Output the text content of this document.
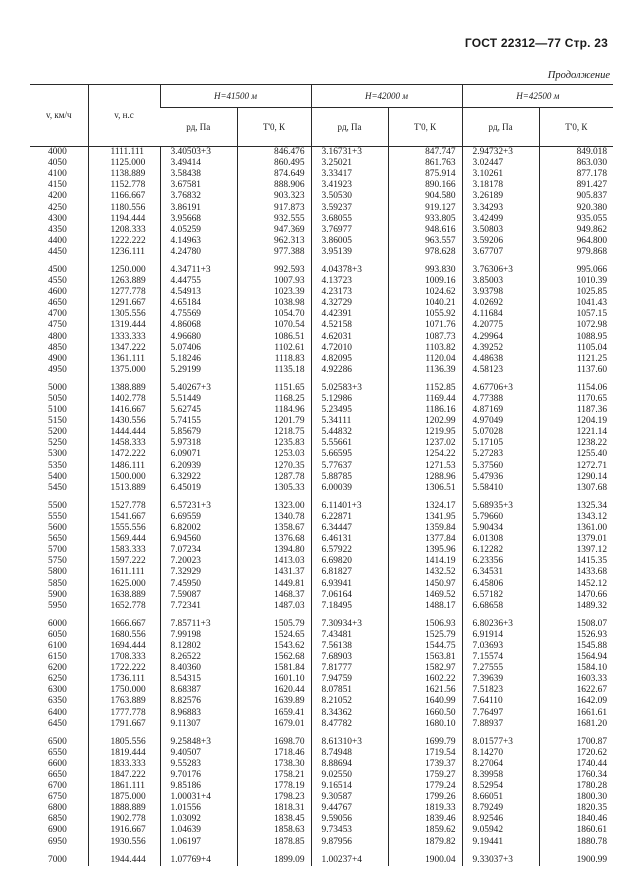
ГОСТ 22312—77 Стр. 23
Продолжение
v, км/ч	v, н.с	H=41500 м		H=42000 м		H=42500 м	
		pд, Па	T'0, К	pд, Па	T'0, К	pд, Па	T'0, К
4000	1111.111	3.40503+3	846.476	3.16731+3	847.747	2.94732+3	849.018
4050	1125.000	3.49414	860.495	3.25021	861.763	3.02447	863.030
4100	1138.889	3.58438	874.649	3.33417	875.914	3.10261	877.178
4150	1152.778	3.67581	888.906	3.41923	890.166	3.18178	891.427
4200	1166.667	3.76832	903.323	3.50530	904.580	3.26189	905.837
4250	1180.556	3.86191	917.873	3.59237	919.127	3.34293	920.380
4300	1194.444	3.95668	932.555	3.68055	933.805	3.42499	935.055
4350	1208.333	4.05259	947.369	3.76977	948.616	3.50803	949.862
4400	1222.222	4.14963	962.313	3.86005	963.557	3.59206	964.800
4450	1236.111	4.24780	977.388	3.95139	978.628	3.67707	979.868

4500	1250.000	4.34711+3	992.593	4.04378+3	993.830	3.76306+3	995.066
4550	1263.889	4.44755	1007.93	4.13723	1009.16	3.85003	1010.39
4600	1277.778	4.54913	1023.39	4.23173	1024.62	3.93798	1025.85
4650	1291.667	4.65184	1038.98	4.32729	1040.21	4.02692	1041.43
4700	1305.556	4.75569	1054.70	4.42391	1055.92	4.11684	1057.15
4750	1319.444	4.86068	1070.54	4.52158	1071.76	4.20775	1072.98
4800	1333.333	4.96680	1086.51	4.62031	1087.73	4.29964	1088.95
4850	1347.222	5.07406	1102.61	4.72010	1103.82	4.39252	1105.04
4900	1361.111	5.18246	1118.83	4.82095	1120.04	4.48638	1121.25
4950	1375.000	5.29199	1135.18	4.92286	1136.39	4.58123	1137.60

5000	1388.889	5.40267+3	1151.65	5.02583+3	1152.85	4.67706+3	1154.06
5050	1402.778	5.51449	1168.25	5.12986	1169.44	4.77388	1170.65
5100	1416.667	5.62745	1184.96	5.23495	1186.16	4.87169	1187.36
5150	1430.556	5.74155	1201.79	5.34111	1202.99	4.97049	1204.19
5200	1444.444	5.85679	1218.75	5.44832	1219.95	5.07028	1221.14
5250	1458.333	5.97318	1235.83	5.55661	1237.02	5.17105	1238.22
5300	1472.222	6.09071	1253.03	5.66595	1254.22	5.27283	1255.40
5350	1486.111	6.20939	1270.35	5.77637	1271.53	5.37560	1272.71
5400	1500.000	6.32922	1287.78	5.88785	1288.96	5.47936	1290.14
5450	1513.889	6.45019	1305.33	6.00039	1306.51	5.58410	1307.68

5500	1527.778	6.57231+3	1323.00	6.11401+3	1324.17	5.68935+3	1325.34
5550	1541.667	6.69559	1340.78	6.22871	1341.95	5.79660	1343.12
5600	1555.556	6.82002	1358.67	6.34447	1359.84	5.90434	1361.00
5650	1569.444	6.94560	1376.68	6.46131	1377.84	6.01308	1379.01
5700	1583.333	7.07234	1394.80	6.57922	1395.96	6.12282	1397.12
5750	1597.222	7.20023	1413.03	6.69820	1414.19	6.23356	1415.35
5800	1611.111	7.32929	1431.37	6.81827	1432.52	6.34531	1433.68
5850	1625.000	7.45950	1449.81	6.93941	1450.97	6.45806	1452.12
5900	1638.889	7.59087	1468.37	7.06164	1469.52	6.57182	1470.66
5950	1652.778	7.72341	1487.03	7.18495	1488.17	6.68658	1489.32

6000	1666.667	7.85711+3	1505.79	7.30934+3	1506.93	6.80236+3	1508.07
6050	1680.556	7.99198	1524.65	7.43481	1525.79	6.91914	1526.93
6100	1694.444	8.12802	1543.62	7.56138	1544.75	7.03693	1545.88
6150	1708.333	8.26522	1562.68	7.68903	1563.81	7.15574	1564.94
6200	1722.222	8.40360	1581.84	7.81777	1582.97	7.27555	1584.10
6250	1736.111	8.54315	1601.10	7.94759	1602.22	7.39639	1603.33
6300	1750.000	8.68387	1620.44	8.07851	1621.56	7.51823	1622.67
6350	1763.889	8.82576	1639.89	8.21052	1640.99	7.64110	1642.09
6400	1777.778	8.96883	1659.41	8.34362	1660.50	7.76497	1661.61
6450	1791.667	9.11307	1679.01	8.47782	1680.10	7.88937	1681.20

6500	1805.556	9.25848+3	1698.70	8.61310+3	1699.79	8.01577+3	1700.87
6550	1819.444	9.40507	1718.46	8.74948	1719.54	8.14270	1720.62
6600	1833.333	9.55283	1738.30	8.88694	1739.37	8.27064	1740.44
6650	1847.222	9.70176	1758.21	9.02550	1759.27	8.39958	1760.34
6700	1861.111	9.85186	1778.19	9.16514	1779.24	8.52954	1780.28
6750	1875.000	1.00031+4	1798.23	9.30587	1799.26	8.66051	1800.30
6800	1888.889	1.01556	1818.31	9.44767	1819.33	8.79249	1820.35
6850	1902.778	1.03092	1838.45	9.59056	1839.46	8.92546	1840.46
6900	1916.667	1.04639	1858.63	9.73453	1859.62	9.05942	1860.61
6950	1930.556	1.06197	1878.85	9.87956	1879.82	9.19441	1880.78

7000	1944.444	1.07769+4	1899.09	1.00237+4	1900.04	9.33037+3	1900.99
